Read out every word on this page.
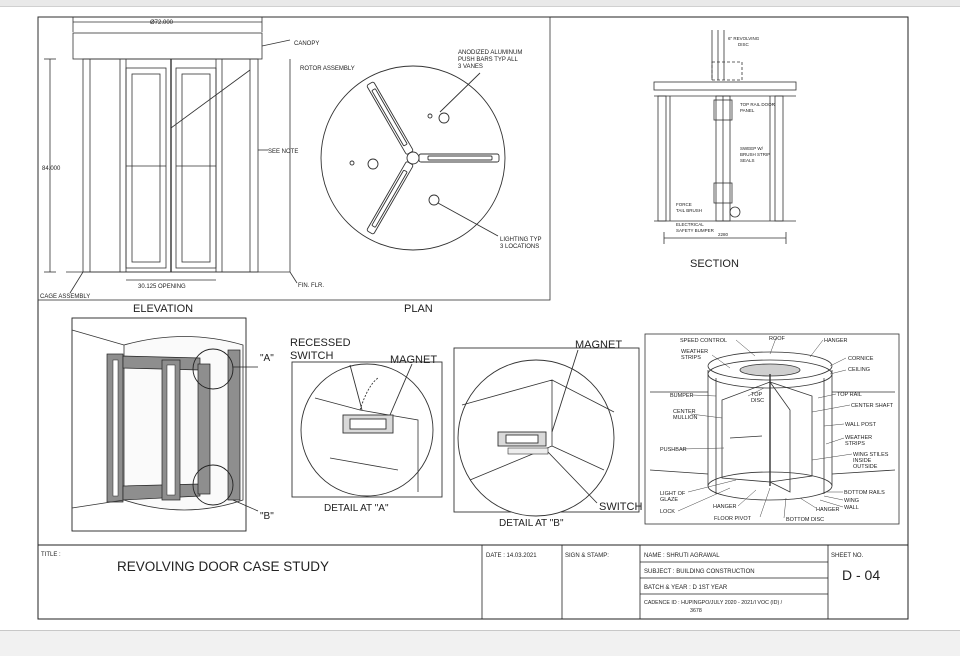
Ø72.000
84.000
CANOPY
ROTOR ASSEMBLY
SEE NOTE
30.125 OPENING
CAGE ASSEMBLY
FIN. FLR.
ELEVATION
ANODIZED ALUMINUM PUSH BARS TYP ALL 3 VANES
LIGHTING TYP 3 LOCATIONS
PLAN
6" REVOLVING DISC
TOP RAIL DOOR PANEL
SWEEP W/ BRUSH STRIP SEALS
FORCE TAIL BRUSH
ELECTRICAL SAFETY BUMPER
2280
SECTION
"A"
"B"
RECESSED SWITCH	MAGNET
DETAIL AT "A"
MAGNET
SWITCH
DETAIL AT "B"
SPEED CONTROL	ROOF	HANGER
WEATHER STRIPS	CORNICE
CEILING
BUMPER	TOP DISC
TOP RAIL
CENTER SHAFT
CENTER MULLION
WALL POST
WEATHER STRIPS
PUSHBAR
WING STILES INSIDE OUTSIDE
LIGHT OF GLAZE
HANGER
LOCK
FLOOR PIVOT	BOTTOM DISC
BOTTOM RAILS
WING
WALL
HANGER
TITLE :
REVOLVING DOOR CASE STUDY
DATE : 14.03.2021	SIGN & STAMP:	NAME : SHRUTI AGRAWAL
SUBJECT : BUILDING CONSTRUCTION
BATCH & YEAR : D 1ST YEAR
CADENCE ID : HUPINGPO/JULY 2020 - 2021/I VOC (ID) /
3678
SHEET NO.
D - 04
